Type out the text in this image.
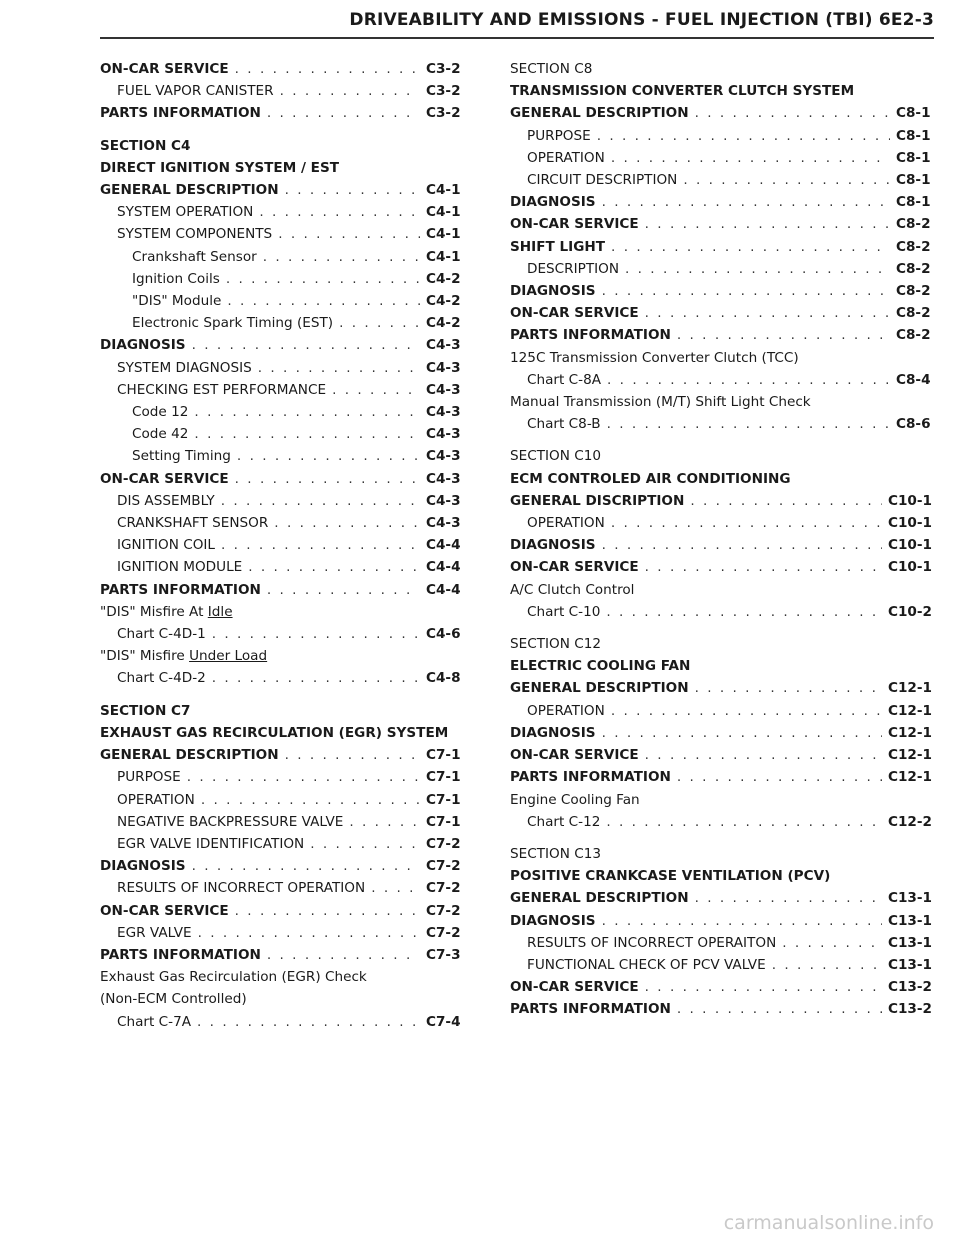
DRIVEABILITY AND EMISSIONS - FUEL INJECTION (TBI) 6E2-3
ON-CAR SERVICE . . .	C3-2
FUEL VAPOR CANISTER . . .	C3-2
PARTS INFORMATION . . .	C3-2
SECTION C4
DIRECT IGNITION SYSTEM / EST
GENERAL DESCRIPTION . . .	C4-1
SYSTEM OPERATION . . .	C4-1
SYSTEM COMPONENTS . . .	C4-1
Crankshaft Sensor . . .	C4-1
Ignition Coils . . .	C4-2
"DIS" Module . . .	C4-2
Electronic Spark Timing (EST) . . .	C4-2
DIAGNOSIS . . .	C4-3
SYSTEM DIAGNOSIS . . .	C4-3
CHECKING EST PERFORMANCE . . .	C4-3
Code 12 . . .	C4-3
Code 42 . . .	C4-3
Setting Timing . . .	C4-3
ON-CAR SERVICE . . .	C4-3
DIS ASSEMBLY . . .	C4-3
CRANKSHAFT SENSOR . . .	C4-3
IGNITION COIL . . .	C4-4
IGNITION MODULE . . .	C4-4
PARTS INFORMATION . . .	C4-4
"DIS" Misfire At Idle
Chart C-4D-1 . . .	C4-6
"DIS" Misfire Under Load
Chart C-4D-2 . . .	C4-8
SECTION C7
EXHAUST GAS RECIRCULATION (EGR) SYSTEM
GENERAL DESCRIPTION . . .	C7-1
PURPOSE . . .	C7-1
OPERATION . . .	C7-1
NEGATIVE BACKPRESSURE VALVE . . .	C7-1
EGR VALVE IDENTIFICATION . . .	C7-2
DIAGNOSIS . . .	C7-2
RESULTS OF INCORRECT OPERATION . . .	C7-2
ON-CAR SERVICE . . .	C7-2
EGR VALVE . . .	C7-2
PARTS INFORMATION . . .	C7-3
Exhaust Gas Recirculation (EGR) Check
(Non-ECM Controlled)
Chart C-7A . . .	C7-4
SECTION C8
TRANSMISSION CONVERTER CLUTCH SYSTEM
GENERAL DESCRIPTION . . .	C8-1
PURPOSE . . .	C8-1
OPERATION . . .	C8-1
CIRCUIT DESCRIPTION . . .	C8-1
DIAGNOSIS . . .	C8-1
ON-CAR SERVICE . . .	C8-2
SHIFT LIGHT . . .	C8-2
DESCRIPTION . . .	C8-2
DIAGNOSIS . . .	C8-2
ON-CAR SERVICE . . .	C8-2
PARTS INFORMATION . . .	C8-2
125C Transmission Converter Clutch (TCC)
Chart C-8A . . .	C8-4
Manual Transmission (M/T) Shift Light Check
Chart C8-B . . .	C8-6
SECTION C10
ECM CONTROLED AIR CONDITIONING
GENERAL DISCRIPTION . . .	C10-1
OPERATION . . .	C10-1
DIAGNOSIS . . .	C10-1
ON-CAR SERVICE . . .	C10-1
A/C Clutch Control
Chart C-10 . . .	C10-2
SECTION C12
ELECTRIC COOLING FAN
GENERAL DESCRIPTION . . .	C12-1
OPERATION . . .	C12-1
DIAGNOSIS . . .	C12-1
ON-CAR SERVICE . . .	C12-1
PARTS INFORMATION . . .	C12-1
Engine Cooling Fan
Chart C-12 . . .	C12-2
SECTION C13
POSITIVE CRANKCASE VENTILATION (PCV)
GENERAL DESCRIPTION . . .	C13-1
DIAGNOSIS . . .	C13-1
RESULTS OF INCORRECT OPERAITON . . .	C13-1
FUNCTIONAL CHECK OF PCV VALVE . . .	C13-1
ON-CAR SERVICE . . .	C13-2
PARTS INFORMATION . . .	C13-2
carmanualsonline.info
